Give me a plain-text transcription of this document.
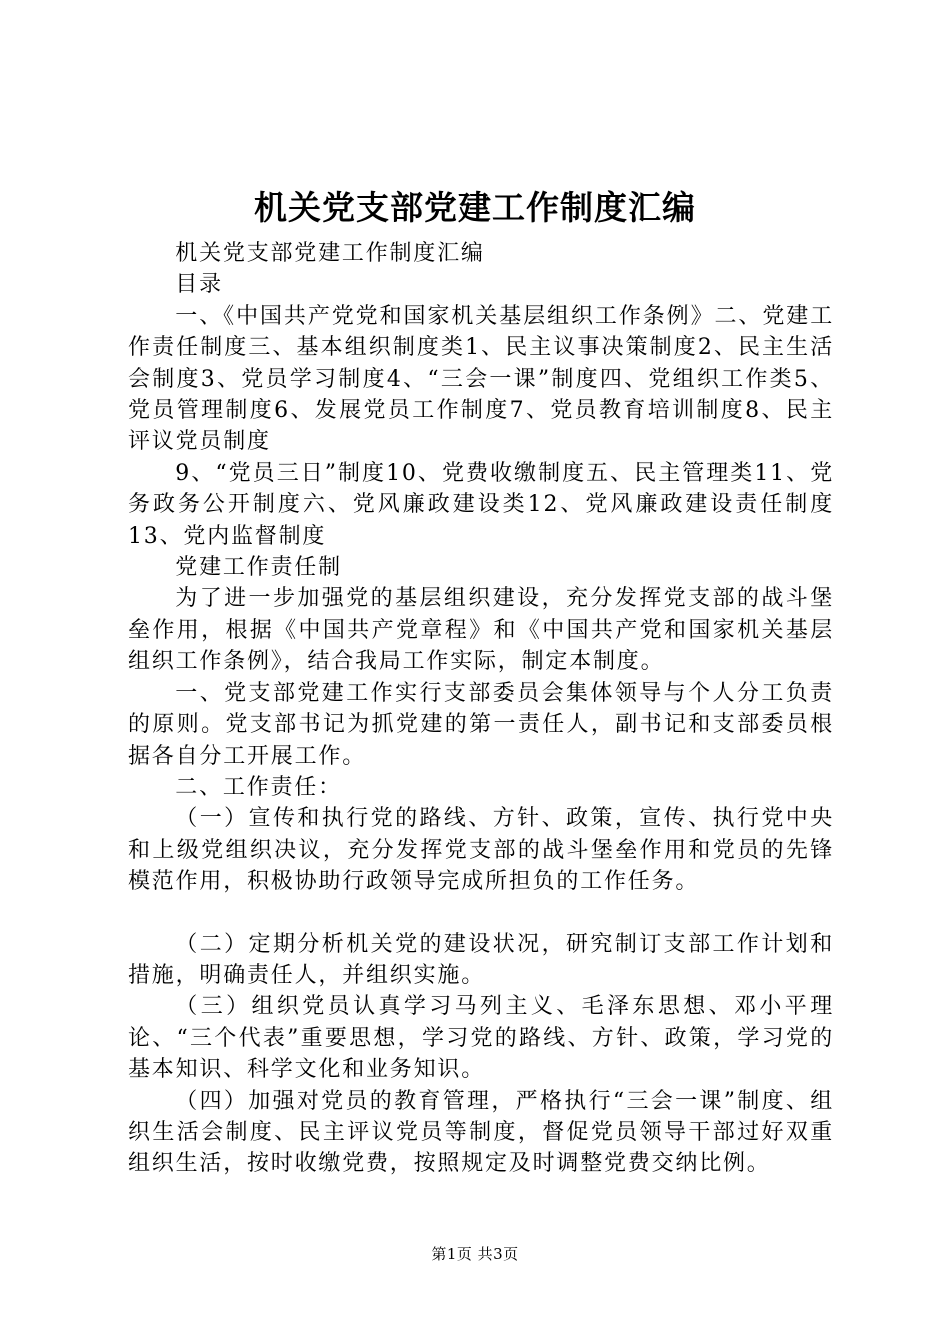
机关党支部党建工作制度汇编

机关党支部党建工作制度汇编

目录

一、《中国共产党党和国家机关基层组织工作条例》二、党建工作责任制度三、基本组织制度类1、民主议事决策制度2、民主生活会制度3、党员学习制度4、“三会一课”制度四、党组织工作类5、党员管理制度6、发展党员工作制度7、党员教育培训制度8、民主评议党员制度

9、“党员三日”制度10、党费收缴制度五、民主管理类11、党务政务公开制度六、党风廉政建设类12、党风廉政建设责任制度13、党内监督制度

党建工作责任制

为了进一步加强党的基层组织建设，充分发挥党支部的战斗堡垒作用，根据《中国共产党章程》和《中国共产党和国家机关基层组织工作条例》，结合我局工作实际，制定本制度。

一、党支部党建工作实行支部委员会集体领导与个人分工负责的原则。党支部书记为抓党建的第一责任人，副书记和支部委员根据各自分工开展工作。

二、工作责任：

（一）宣传和执行党的路线、方针、政策，宣传、执行党中央和上级党组织决议，充分发挥党支部的战斗堡垒作用和党员的先锋模范作用，积极协助行政领导完成所担负的工作任务。

（二）定期分析机关党的建设状况，研究制订支部工作计划和措施，明确责任人，并组织实施。

（三）组织党员认真学习马列主义、毛泽东思想、邓小平理论、“三个代表”重要思想，学习党的路线、方针、政策，学习党的基本知识、科学文化和业务知识。

（四）加强对党员的教育管理，严格执行“三会一课”制度、组织生活会制度、民主评议党员等制度，督促党员领导干部过好双重组织生活，按时收缴党费，按照规定及时调整党费交纳比例。

第1页 共3页
